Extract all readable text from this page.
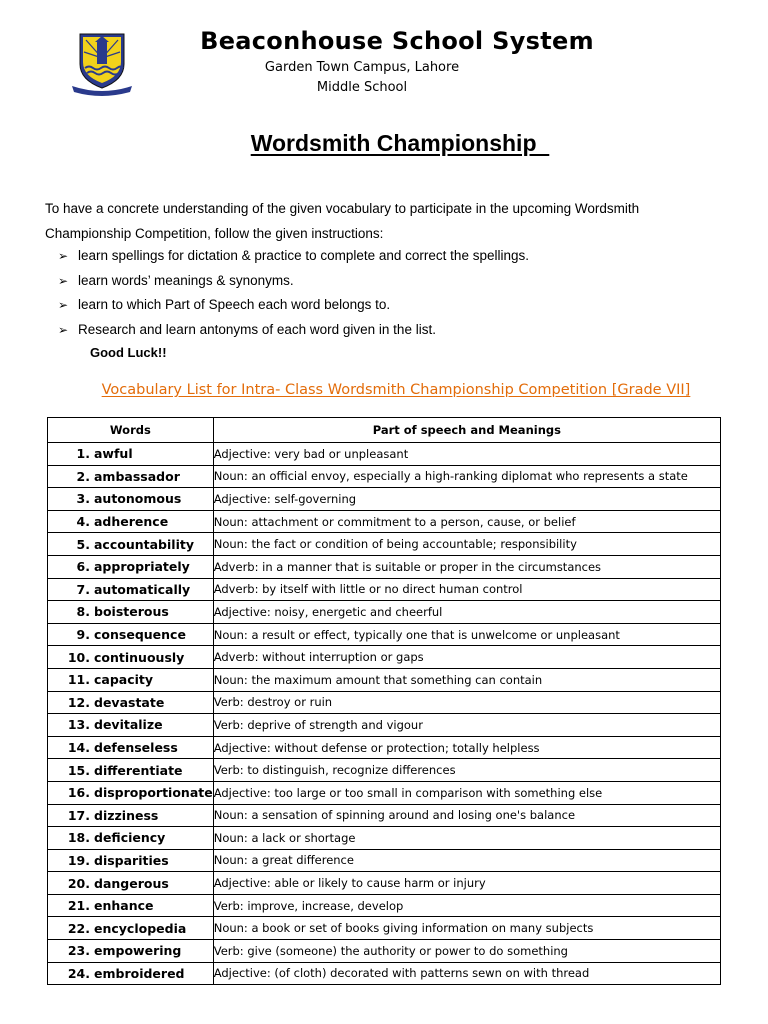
Beaconhouse School System
Garden Town Campus, Lahore
Middle School
Wordsmith Championship
To have a concrete understanding of the given vocabulary to participate in the upcoming Wordsmith Championship Competition, follow the given instructions:
➢ learn spellings for dictation & practice to complete and correct the spellings.
➢ learn words’ meanings & synonyms.
➢ learn to which Part of Speech each word belongs to.
➢ Research and learn antonyms of each word given in the list.
Good Luck!!
Vocabulary List for Intra- Class Wordsmith Championship Competition [Grade VII]
Words	Part of speech and Meanings
1. awful	Adjective: very bad or unpleasant
2. ambassador	Noun: an official envoy, especially a high-ranking diplomat who represents a state
3. autonomous	Adjective: self-governing
4. adherence	Noun: attachment or commitment to a person, cause, or belief
5. accountability	Noun: the fact or condition of being accountable; responsibility
6. appropriately	Adverb: in a manner that is suitable or proper in the circumstances
7. automatically	Adverb: by itself with little or no direct human control
8. boisterous	Adjective: noisy, energetic and cheerful
9. consequence	Noun: a result or effect, typically one that is unwelcome or unpleasant
10. continuously	Adverb: without interruption or gaps
11. capacity	Noun: the maximum amount that something can contain
12. devastate	Verb: destroy or ruin
13. devitalize	Verb: deprive of strength and vigour
14. defenseless	Adjective: without defense or protection; totally helpless
15. differentiate	Verb: to distinguish, recognize differences
16. disproportionate	Adjective: too large or too small in comparison with something else
17. dizziness	Noun: a sensation of spinning around and losing one's balance
18. deficiency	Noun: a lack or shortage
19. disparities	Noun: a great difference
20. dangerous	Adjective: able or likely to cause harm or injury
21. enhance	Verb: improve, increase, develop
22. encyclopedia	Noun: a book or set of books giving information on many subjects
23. empowering	Verb: give (someone) the authority or power to do something
24. embroidered	Adjective: (of cloth) decorated with patterns sewn on with thread
